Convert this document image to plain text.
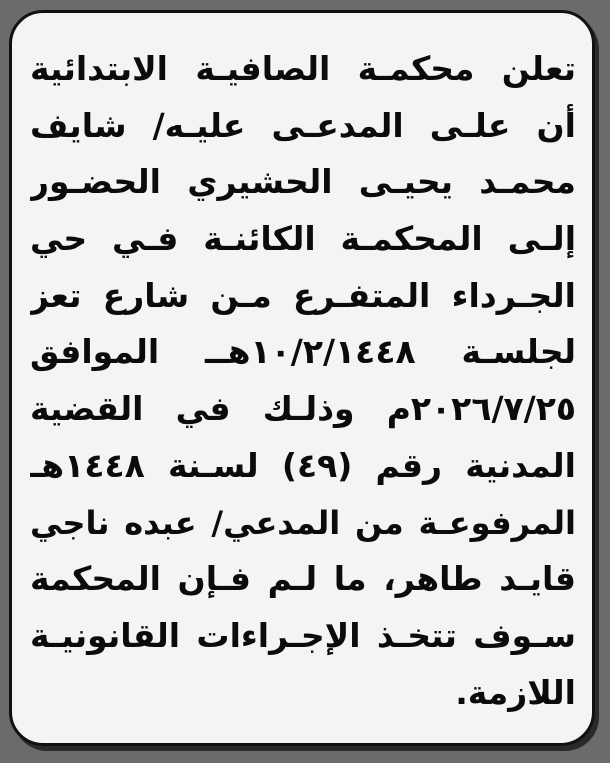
تعلن محكمـة الصافيـة الابتدائية
أن علـى المدعـى عليـه/ شايف
محمـد يحيـى الحشيري الحضـور
إلـى المحكمـة الكائنـة فـي حي
الجـرداء المتفـرع مـن شارع تعز
لجلسـة ١٠/٢/١٤٤٨هــ الموافق
٢٠٢٦/٧/٢٥م وذلـك في القضية
المدنية رقم (٤٩) لسـنة ١٤٤٨هـ
المرفوعـة من المدعي/ عبده ناجي
قايـد طاهر، ما لـم فـإن المحكمة
سـوف تتخـذ الإجـراءات القانونيـة
اللازمة.
